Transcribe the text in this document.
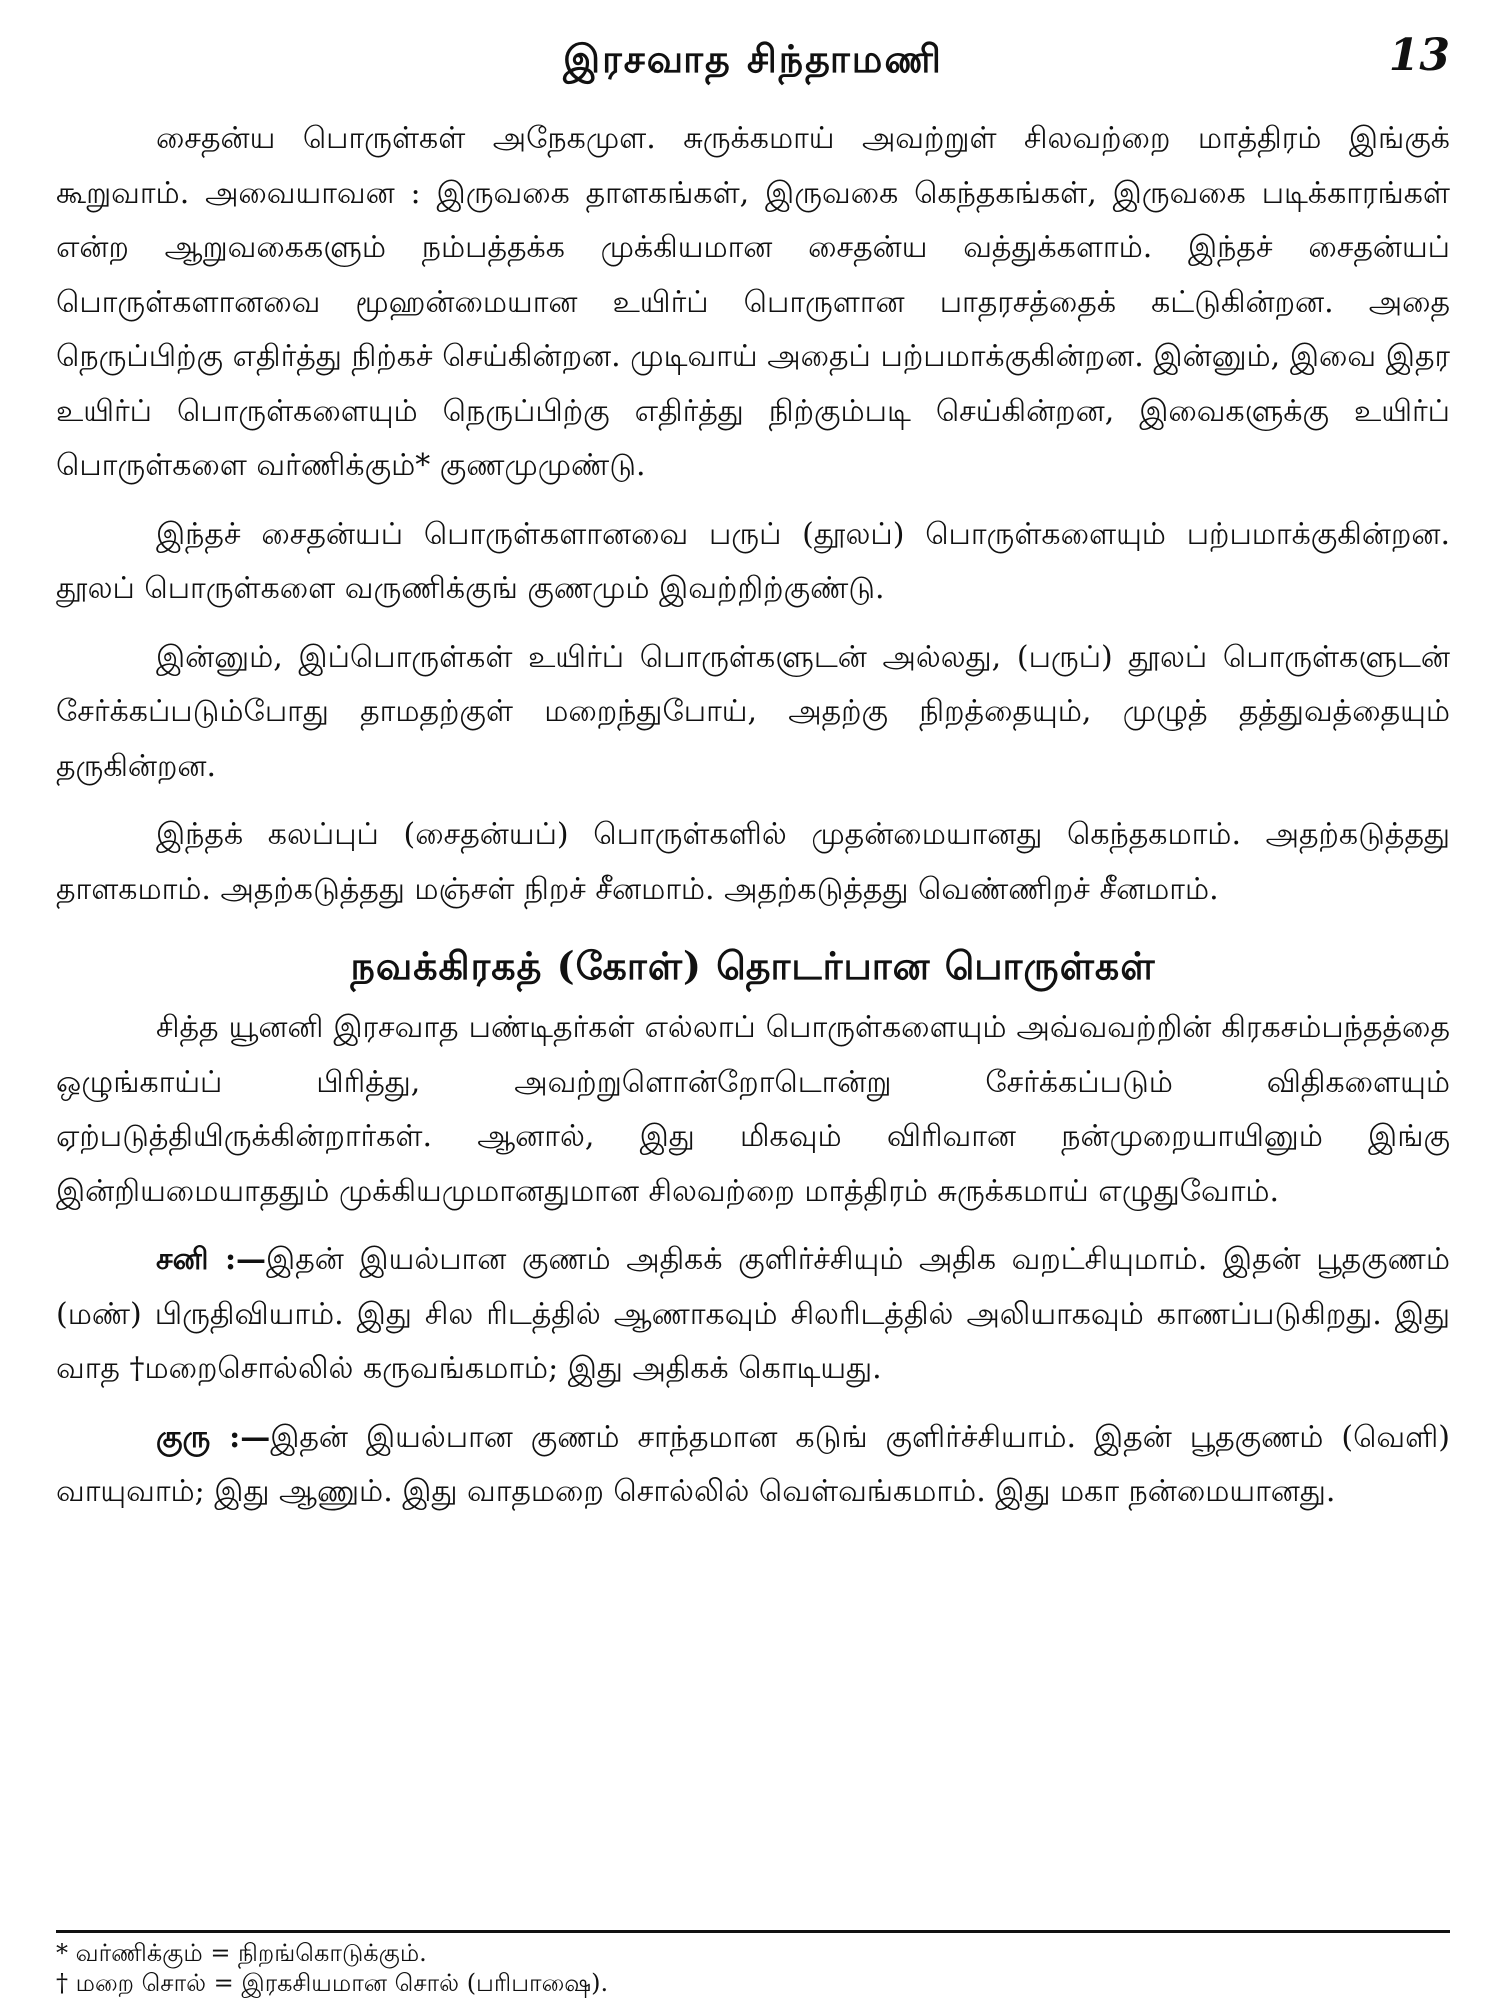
இரசவாத சிந்தாமணி	13

சைதன்ய பொருள்கள் அநேகமுள. சுருக்கமாய் அவற்றுள் சிலவற்றை மாத்திரம் இங்குக் கூறுவாம். அவையாவன : இருவகை தாளகங்கள், இருவகை கெந்தகங்கள், இருவகை படிக்காரங்கள் என்ற ஆறுவகைகளும் நம்பத்தக்க முக்கியமான சைதன்ய வத்துக்களாம். இந்தச் சைதன்யப் பொருள்களானவை மூஹன்மையான உயிர்ப் பொருளான பாதரசத்தைக் கட்டுகின்றன. அதை நெருப்பிற்கு எதிர்த்து நிற்கச் செய்கின்றன. முடிவாய் அதைப் பற்பமாக்குகின்றன. இன்னும், இவை இதர உயிர்ப் பொருள்களையும் நெருப்பிற்கு எதிர்த்து நிற்கும்படி செய்கின்றன, இவைகளுக்கு உயிர்ப் பொருள்களை வர்ணிக்கும்* குணமுமுண்டு.

இந்தச் சைதன்யப் பொருள்களானவை பருப் (தூலப்) பொருள்களையும் பற்பமாக்குகின்றன. தூலப் பொருள்களை வருணிக்குங் குணமும் இவற்றிற்குண்டு.

இன்னும், இப்பொருள்கள் உயிர்ப் பொருள்களுடன் அல்லது, (பருப்) தூலப் பொருள்களுடன் சேர்க்கப்படும்போது தாமதற்குள் மறைந்துபோய், அதற்கு நிறத்தையும், முழுத் தத்துவத்தையும் தருகின்றன.

இந்தக் கலப்புப் (சைதன்யப்) பொருள்களில் முதன்மையானது கெந்தகமாம். அதற்கடுத்தது தாளகமாம். அதற்கடுத்தது மஞ்சள் நிறச் சீனமாம். அதற்கடுத்தது வெண்ணிறச் சீனமாம்.

நவக்கிரகத் (கோள்) தொடர்பான பொருள்கள்

சித்த யூனனி இரசவாத பண்டிதர்கள் எல்லாப் பொருள்களையும் அவ்வவற்றின் கிரகசம்பந்தத்தை ஒழுங்காய்ப் பிரித்து, அவற்றுளொன்றோடொன்று சேர்க்கப்படும் விதிகளையும் ஏற்படுத்தியிருக்கின்றார்கள். ஆனால், இது மிகவும் விரிவான நன்முறையாயினும் இங்கு இன்றியமையாததும் முக்கியமுமானதுமான சிலவற்றை மாத்திரம் சுருக்கமாய் எழுதுவோம்.

சனி :—இதன் இயல்பான குணம் அதிகக் குளிர்ச்சியும் அதிக வறட்சியுமாம். இதன் பூதகுணம் (மண்) பிருதிவியாம். இது சில ரிடத்தில் ஆணாகவும் சிலரிடத்தில் அலியாகவும் காணப்படுகிறது. இது வாத †மறைசொல்லில் கருவங்கமாம்; இது அதிகக் கொடியது.

குரு :—இதன் இயல்பான குணம் சாந்தமான கடுங் குளிர்ச்சியாம். இதன் பூதகுணம் (வெளி) வாயுவாம்; இது ஆணும். இது வாதமறை சொல்லில் வெள்வங்கமாம். இது மகா நன்மையானது.

* வர்ணிக்கும் = நிறங்கொடுக்கும்.
† மறை சொல் = இரகசியமான சொல் (பரிபாஷை).
